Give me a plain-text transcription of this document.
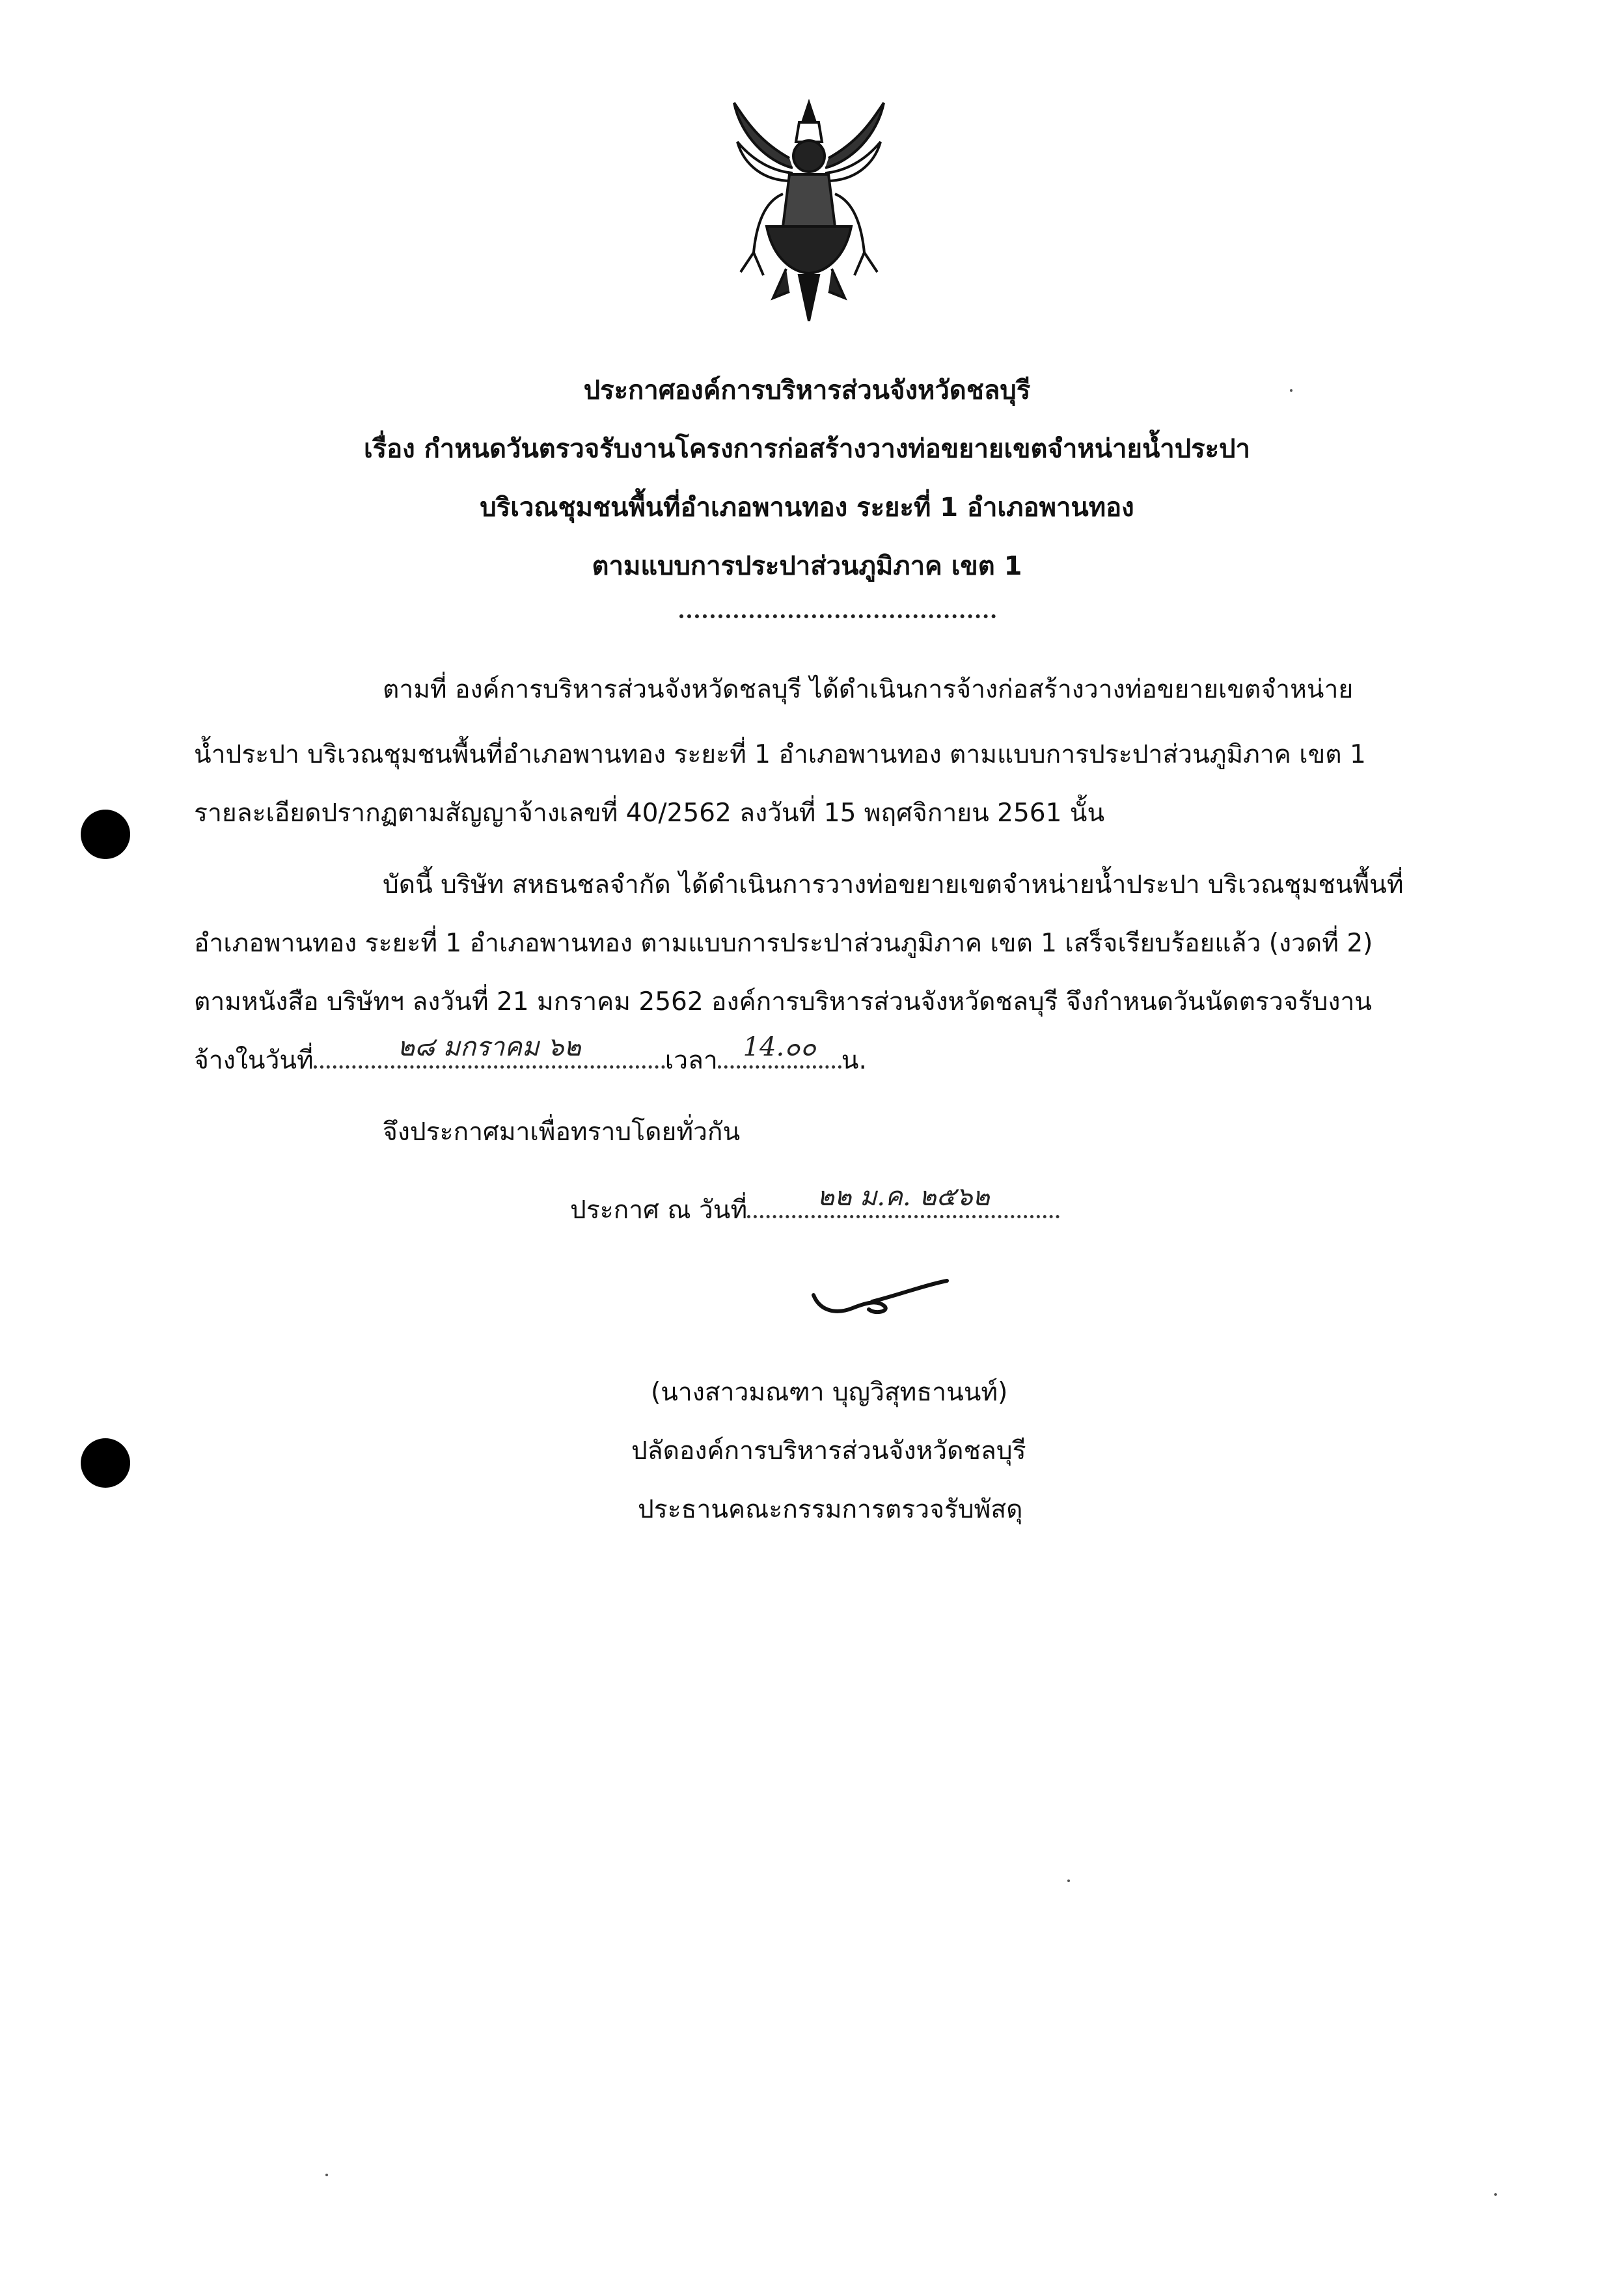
ประกาศองค์การบริหารส่วนจังหวัดชลบุรี
เรื่อง กำหนดวันตรวจรับงานโครงการก่อสร้างวางท่อขยายเขตจำหน่ายน้ำประปา
บริเวณชุมชนพื้นที่อำเภอพานทอง ระยะที่ 1 อำเภอพานทอง
ตามแบบการประปาส่วนภูมิภาค เขต 1
ตามที่ องค์การบริหารส่วนจังหวัดชลบุรี ได้ดำเนินการจ้างก่อสร้างวางท่อขยายเขตจำหน่าย
น้ำประปา บริเวณชุมชนพื้นที่อำเภอพานทอง ระยะที่ 1 อำเภอพานทอง ตามแบบการประปาส่วนภูมิภาค เขต 1
รายละเอียดปรากฏตามสัญญาจ้างเลขที่ 40/2562 ลงวันที่ 15 พฤศจิกายน 2561 นั้น
บัดนี้ บริษัท สหธนชลจำกัด ได้ดำเนินการวางท่อขยายเขตจำหน่ายน้ำประปา บริเวณชุมชนพื้นที่
อำเภอพานทอง ระยะที่ 1 อำเภอพานทอง ตามแบบการประปาส่วนภูมิภาค เขต 1 เสร็จเรียบร้อยแล้ว (งวดที่ 2)
ตามหนังสือ บริษัทฯ ลงวันที่ 21 มกราคม 2562 องค์การบริหารส่วนจังหวัดชลบุรี จึงกำหนดวันนัดตรวจรับงาน
จ้างในวันที่	๒๘ มกราคม ๖๒	เวลา 14.๐๐ น.
จึงประกาศมาเพื่อทราบโดยทั่วกัน
ประกาศ ณ วันที่	๒๒ ม.ค. ๒๕๖๒
(นางสาวมณฑา บุญวิสุทธานนท์)
ปลัดองค์การบริหารส่วนจังหวัดชลบุรี
ประธานคณะกรรมการตรวจรับพัสดุ
